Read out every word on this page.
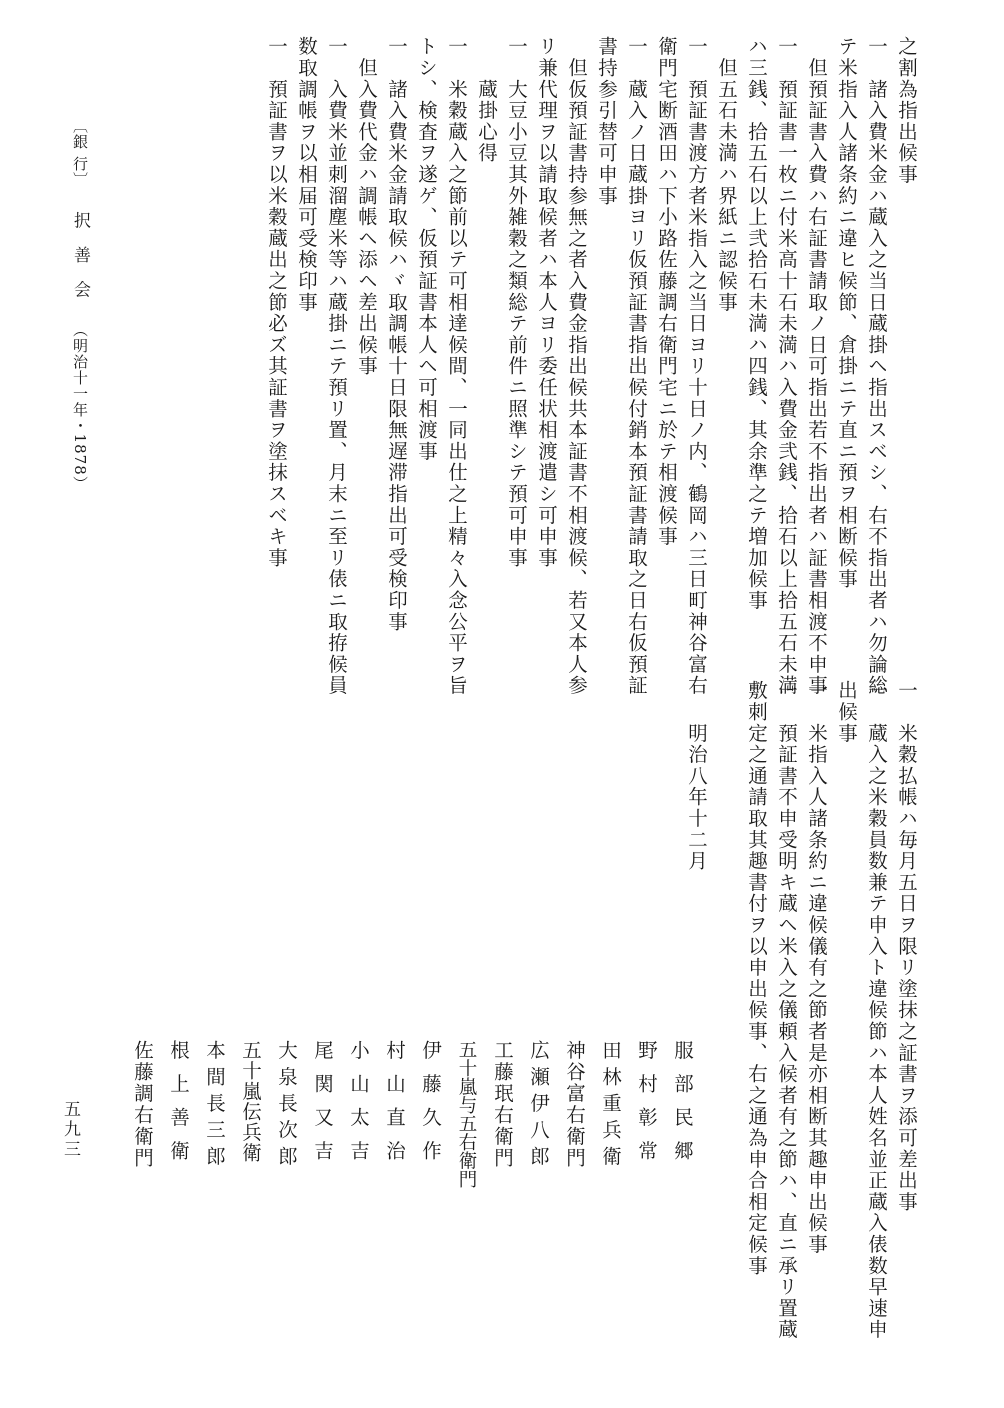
之割為指出候事
一　諸入費米金ハ蔵入之当日蔵掛ヘ指出スベシ、右不指出者ハ勿論総
テ米指入人諸条約ニ違ヒ候節、倉掛ニテ直ニ預ヲ相断候事
　但預証書入費ハ右証書請取ノ日可指出若不指出者ハ証書相渡不申事
一　預証書一枚ニ付米高十石未満ハ入費金弐銭、拾石以上拾五石未満
ハ三銭、拾五石以上弐拾石未満ハ四銭、其余準之テ増加候事
　但五石未満ハ界紙ニ認候事
一　預証書渡方者米指入之当日ヨリ十日ノ内、鶴岡ハ三日町神谷富右
衛門宅断酒田ハ下小路佐藤調右衛門宅ニ於テ相渡候事
一　蔵入ノ日蔵掛ヨリ仮預証書指出候付銷本預証書請取之日右仮預証
書持参引替可申事
　但仮預証書持参無之者入費金指出候共本証書不相渡候、若又本人参
リ兼代理ヲ以請取候者ハ本人ヨリ委任状相渡遣シ可申事
一　大豆小豆其外雑穀之類総テ前件ニ照準シテ預可申事
　　蔵掛心得
一　米穀蔵入之節前以テ可相達候間、一同出仕之上精々入念公平ヲ旨
トシ、検査ヲ遂ゲ、仮預証書本人ヘ可相渡事
一　諸入費米金請取候ハヾ取調帳十日限無遅滞指出可受検印事
　但入費代金ハ調帳ヘ添ヘ差出候事
一　入費米並刺溜塵米等ハ蔵掛ニテ預リ置、月末ニ至リ俵ニ取拵候員
数取調帳ヲ以相届可受検印事
一　預証書ヲ以米穀蔵出之節必ズ其証書ヲ塗抹スベキ事
一　米穀払帳ハ毎月五日ヲ限リ塗抹之証書ヲ添可差出事
一　蔵入之米穀員数兼テ申入ト違候節ハ本人姓名並正蔵入俵数早速申
出候事
一　米指入人諸条約ニ違候儀有之節者是亦相断其趣申出候事
一　預証書不申受明キ蔵ヘ米入之儀頼入候者有之節ハ、直ニ承リ置蔵
敷刺定之通請取其趣書付ヲ以申出候事、右之通為申合相定候事
　　明治八年十二月
服部民郷
野村彰常
田林重兵衛
神谷富右衛門
広瀬伊八郎
工藤珉右衛門
五十嵐与五右衛門
伊藤久作
村山直治
小山太吉
尾関又吉
大泉長次郎
五十嵐伝兵衛
本間長三郎
根上善衛
佐藤調右衛門
〔銀 行〕択 善 会（明治十一年・1878）
五九三
